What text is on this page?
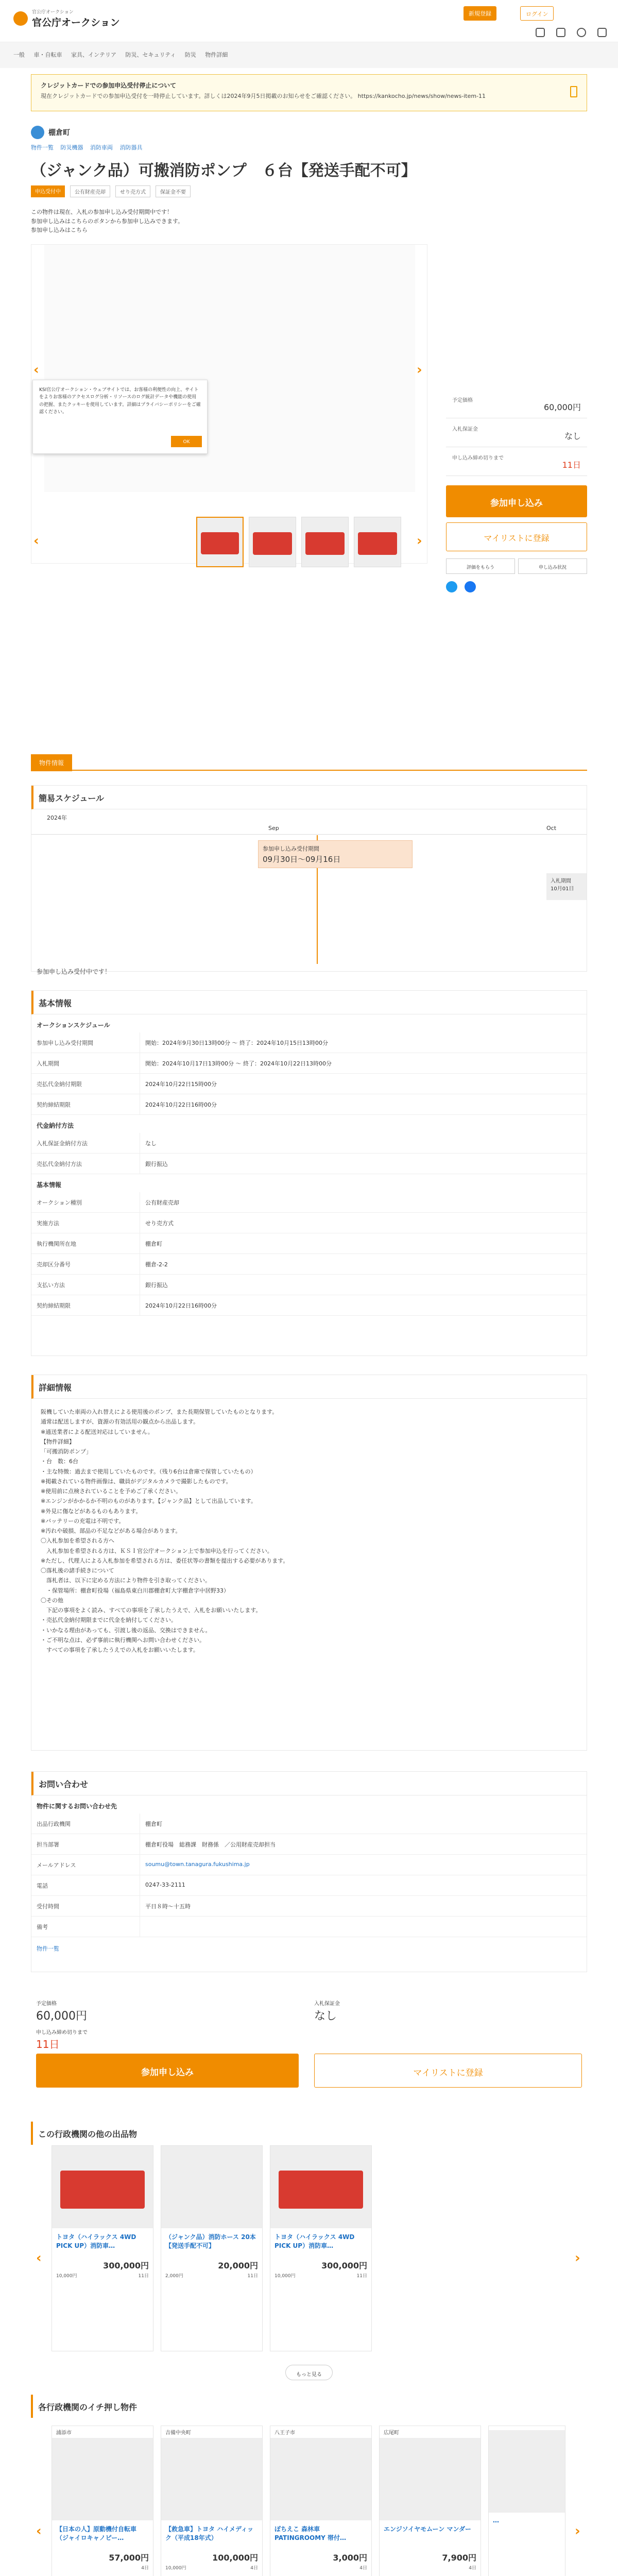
官公庁オークション
官公庁オークション
新規登録	ログイン
一般 車・自転車 家具、インテリア 防災、セキュリティ 防災 物件詳細
クレジットカードでの参加申込受付停止について
現在クレジットカードでの参加申込受付を一時停止しています。詳しくは2024年9月5日掲載のお知らせをご確認ください。 https://kankocho.jp/news/show/news-item-11
棚倉町
物件一覧 防災機器 消防車両 消防器具
（ジャンク品）可搬消防ポンプ　６台【発送手配不可】
申込受付中	公有財産売却	せり売方式	保証金不要
この物件は現在、入札の参加申し込み受付期間中です！
参加申し込みはこちらのボタンから参加申し込みできます。
参加申し込みはこちら
‹	›
KSI官公庁オークション・ウェブサイトでは、お客様の利便性の向上、サイトをよりお客様のアクセスログ分析・リソースのログ統計データや機能の使用の把握、またクッキーを使用しています。詳細はプライバシーポリシーをご確認ください。
OK
‹	›
予定価格
60,000円
入札保証金
なし
申し込み締め切りまで
11日
参加申し込み
マイリストに登録
評価をもらう	申し込み状況
物件情報
簡易スケジュール
2024年
Sep	Oct
参加申し込み受付期間
09月30日～09月16日
入札期間
10月01日
参加申し込み受付中です！
基本情報
オークションスケジュール
参加申し込み受付期間	開始：2024年9月30日13時00分 ～ 終了：2024年10月15日13時00分
入札期間	開始：2024年10月17日13時00分 ～ 終了：2024年10月22日13時00分
売払代金納付期限	2024年10月22日15時00分
契約締結期限	2024年10月22日16時00分
代金納付方法
入札保証金納付方法	なし
売払代金納付方法	銀行振込
基本情報
オークション種別	公有財産売却
実施方法	せり売方式
執行機関所在地	棚倉町
売却区分番号	棚倉-2-2
支払い方法	銀行振込
契約締結期限	2024年10月22日16時00分
詳細情報
阪機していた車両の入れ替えによる使用後のポンプ、また長期保管していたものとなります。
通常は配送しますが、資源の有効活用の観点から出品します。
※通送業者による配送対応はしていません。
【物件詳細】
「可搬消防ポンプ」
・台　数：6台
・主な特徴：過去まで使用していたものです。（残り6台は倉庫で保管していたもの）
※掲載されている物件画像は、職員がデジタルカメラで撮影したものです。
※使用前に点検されていることを予めご了承ください。
※エンジンがかかるか不明のものがあります。【ジャンク品】として出品しています。
※外見に傷などがあるものもあります。
※バッテリーの充電は不明です。
※汚れや破損、部品の不足などがある場合があります。
〇入札参加を希望される方へ
　入札参加を希望される方は、ＫＳＩ官公庁オークション上で参加申込を行ってください。
※ただし、代理人による入札参加を希望される方は、委任状等の書類を提出する必要があります。
〇落札後の諸手続きについて
　落札者は、以下に定める方法により物件を引き取ってください。
　・保管場所：棚倉町役場（福島県東白川郡棚倉町大字棚倉字中居野33）
〇その他
　下記の事項をよく読み、すべての事項を了承したうえで、入札をお願いいたします。
・売払代金納付期限までに代金を納付してください。
・いかなる理由があっても、引渡し後の返品、交換はできません。
・ご不明な点は、必ず事前に執行機関へお問い合わせください。
　すべての事項を了承したうえでの入札をお願いいたします。
お問い合わせ
物件に関するお問い合わせ先
出品行政機関	棚倉町
担当部署	棚倉町役場　総務課　財務係　／公用財産売却担当
メールアドレス	soumu@town.tanagura.fukushima.jp
電話	0247-33-2111
受付時間	平日８時～十五時
備考
物件一覧
予定価格
60,000円
入札保証金
なし
申し込み締め切りまで
11日
参加申し込み	マイリストに登録
この行政機関の他の出品物
‹
トヨタ（ハイラックス 4WD PICK UP）消防車…
300,000円
10,000円	11日
（ジャンク品）消防ホース 20本【発送手配不可】
20,000円
2,000円	11日
トヨタ（ハイラックス 4WD PICK UP）消防車…
300,000円
10,000円	11日
›
もっと見る
各行政機関のイチ押し物件
‹
浦添市
【日本の人】原動機付自転車（ジャイロキャノピー…
57,000円
4日
吉備中央町
【救急車】トヨタ ハイメディック（平成18年式）
100,000円
10,000円	4日
八王子市
ぽちえこ 森林車 PATINGROOMY 帯付…
3,000円
4日
広尾町
エンジソイヤモムーン マンダー
7,900円
4日
…
›
